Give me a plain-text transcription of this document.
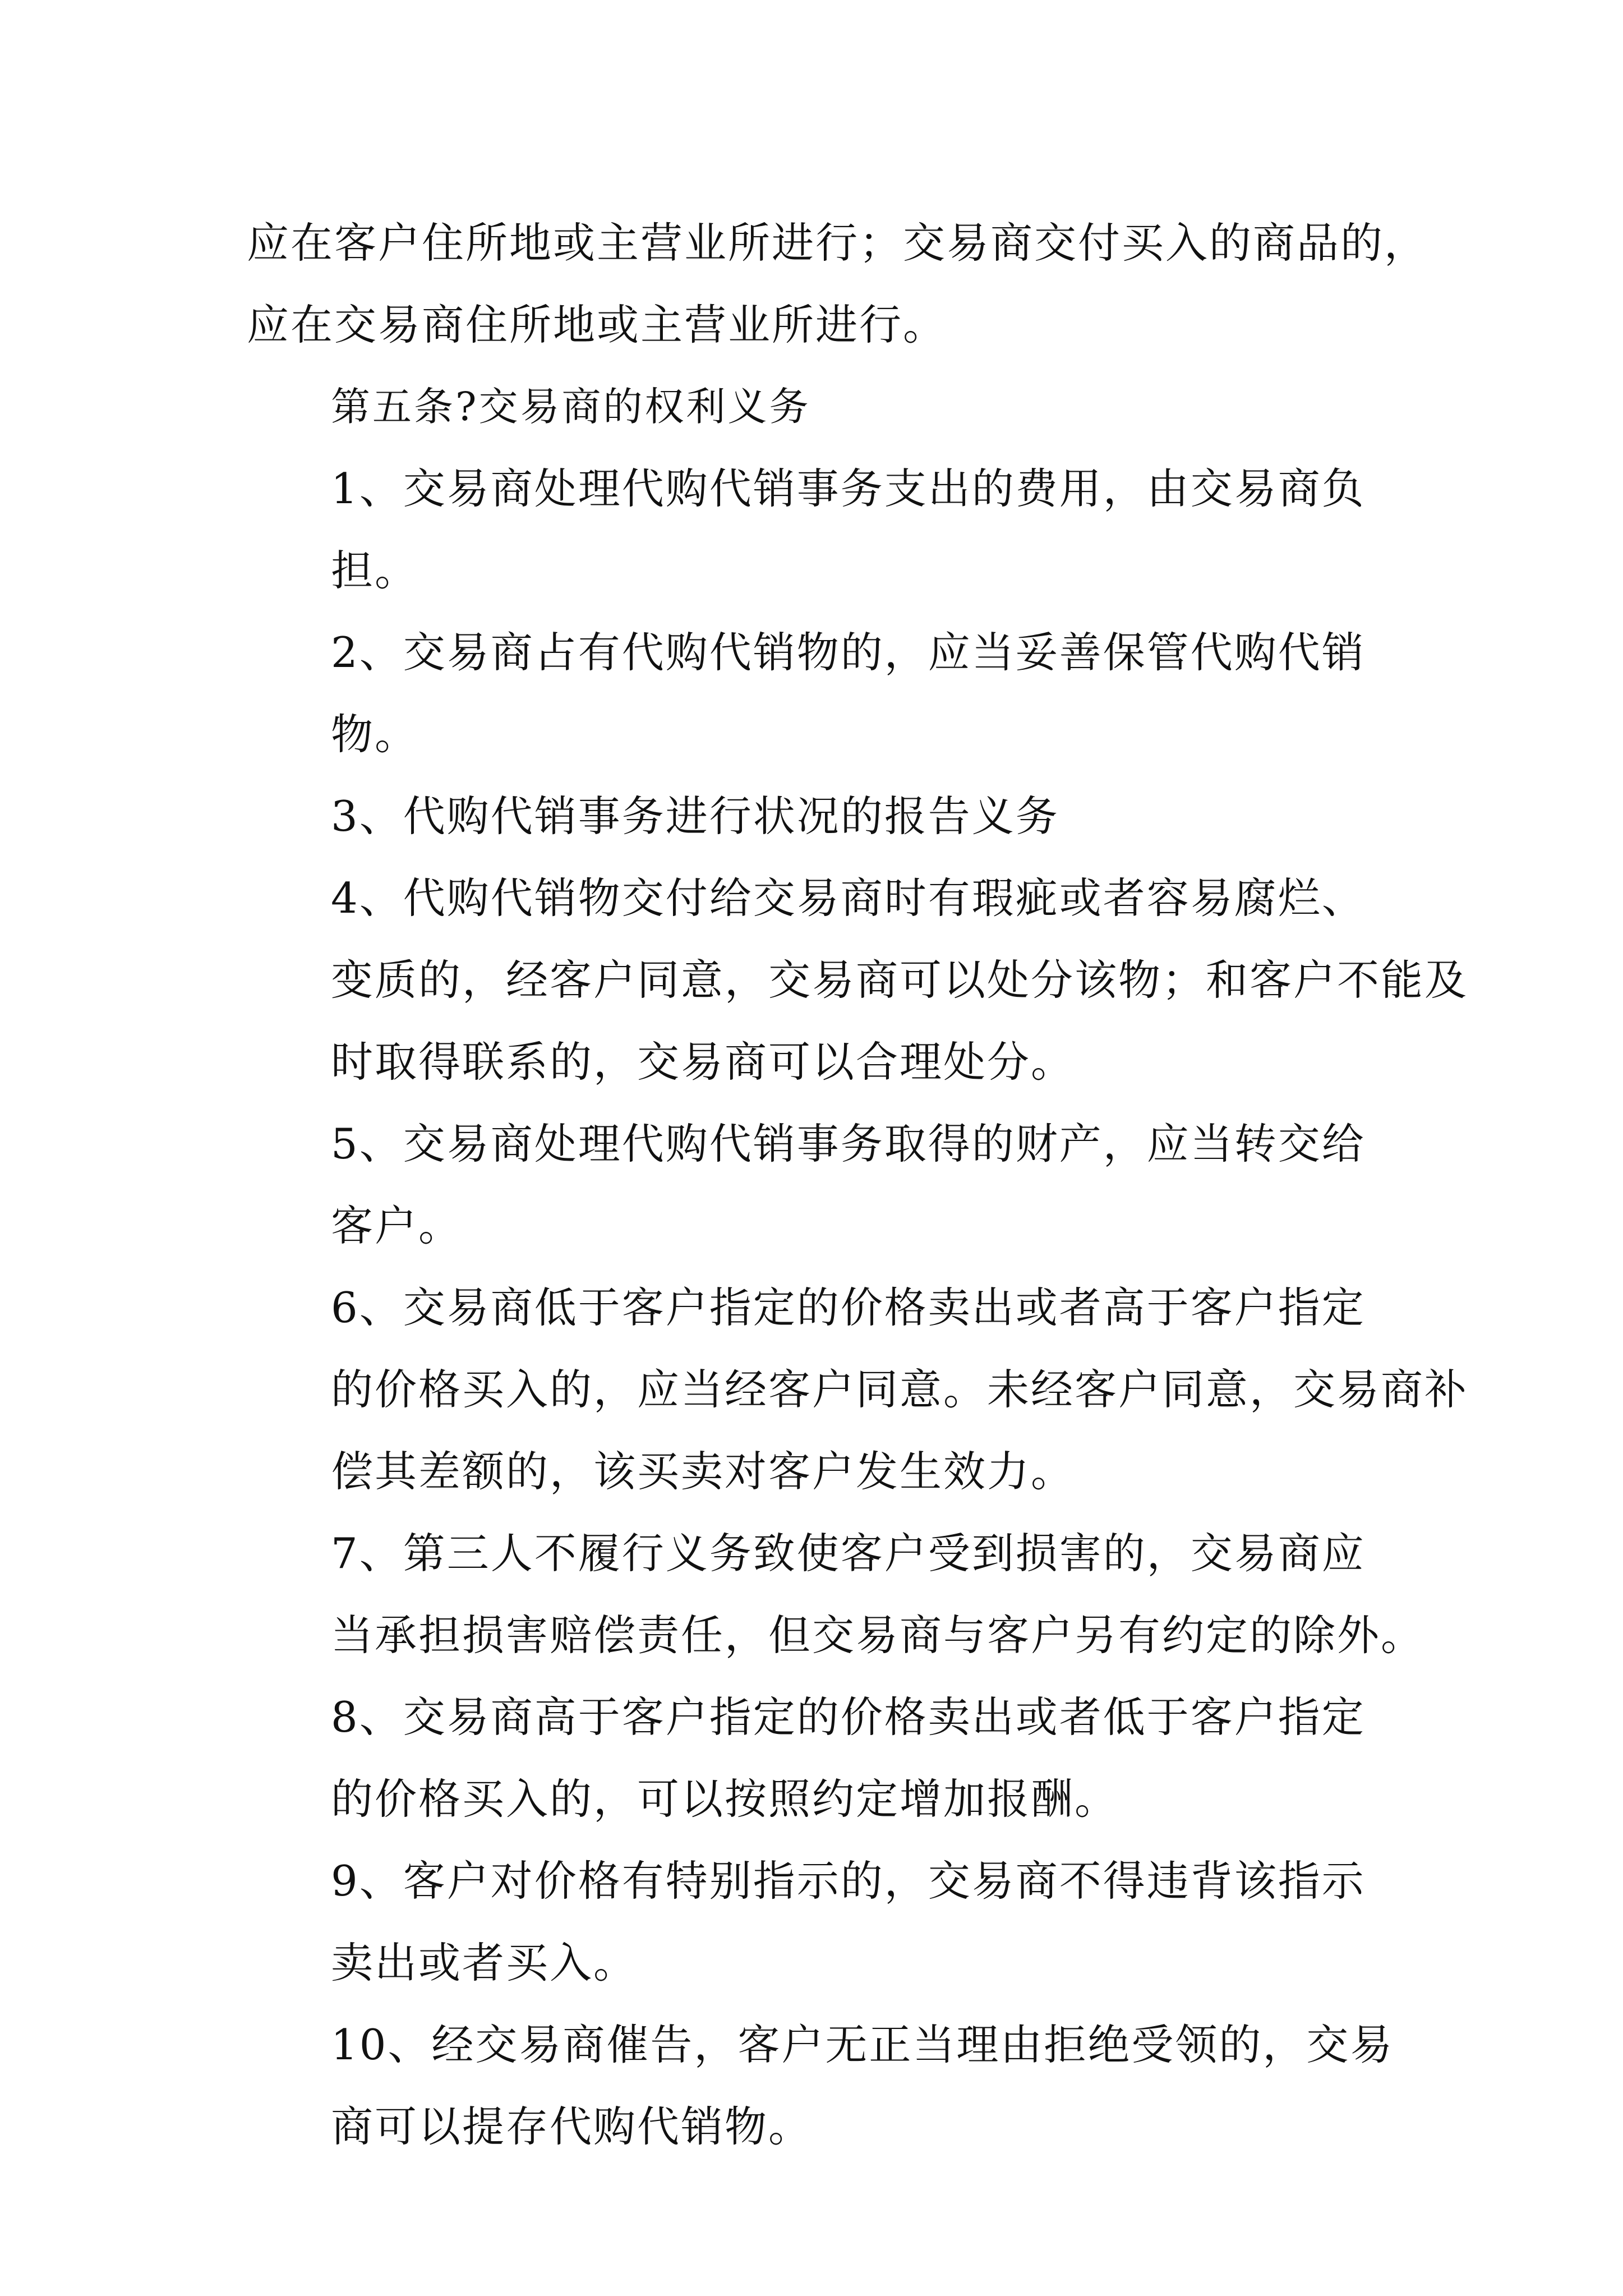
应在客户住所地或主营业所进行；交易商交付买入的商品的，
应在交易商住所地或主营业所进行。

第五条?交易商的权利义务

1、交易商处理代购代销事务支出的费用，由交易商负
担。

2、交易商占有代购代销物的，应当妥善保管代购代销
物。

3、代购代销事务进行状况的报告义务

4、代购代销物交付给交易商时有瑕疵或者容易腐烂、
变质的，经客户同意，交易商可以处分该物；和客户不能及
时取得联系的，交易商可以合理处分。

5、交易商处理代购代销事务取得的财产，应当转交给
客户。

6、交易商低于客户指定的价格卖出或者高于客户指定
的价格买入的，应当经客户同意。未经客户同意，交易商补
偿其差额的，该买卖对客户发生效力。

7、第三人不履行义务致使客户受到损害的，交易商应
当承担损害赔偿责任，但交易商与客户另有约定的除外。

8、交易商高于客户指定的价格卖出或者低于客户指定
的价格买入的，可以按照约定增加报酬。

9、客户对价格有特别指示的，交易商不得违背该指示
卖出或者买入。

10、经交易商催告，客户无正当理由拒绝受领的，交易
商可以提存代购代销物。
